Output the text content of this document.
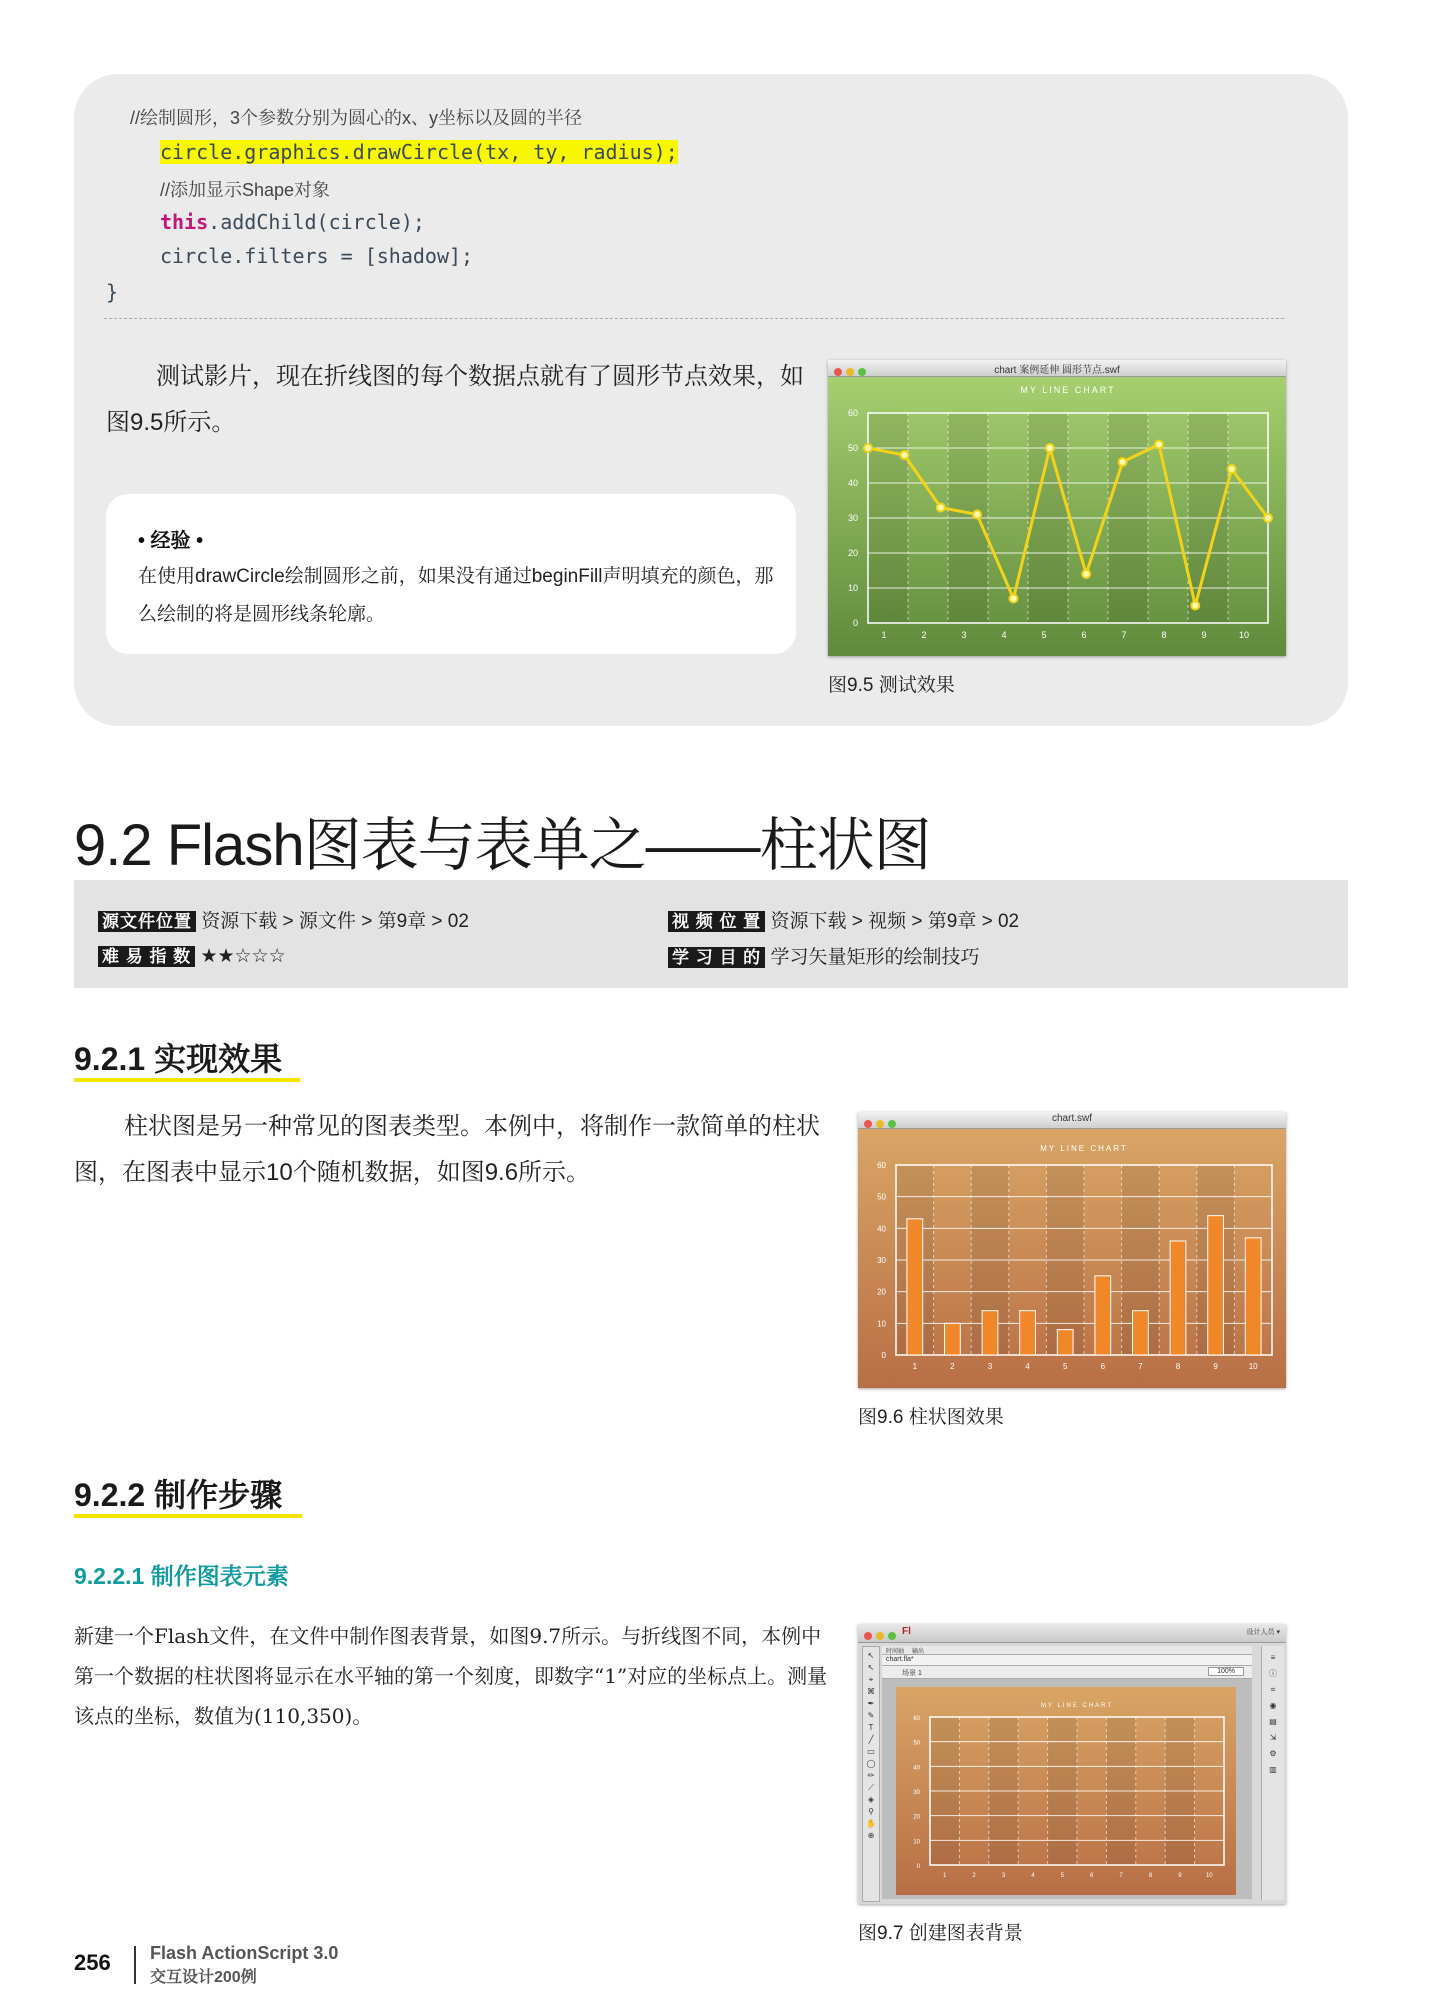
//绘制圆形，3个参数分别为圆心的x、y坐标以及圆的半径
circle.graphics.drawCircle(tx, ty, radius);
//添加显示Shape对象
this.addChild(circle);
circle.filters = [shadow];
}
测试影片，现在折线图的每个数据点就有了圆形节点效果，如图9.5所示。
• 经验 •
在使用drawCircle绘制圆形之前，如果没有通过beginFill声明填充的颜色，那么绘制的将是圆形线条轮廓。
chart 案例延伸 圆形节点.swf
0
10
20
30
40
50
60
MY LINE CHART
1	2	3	4	5	6	7	8	9	10
图9.5 测试效果
9.2 Flash图表与表单之——柱状图
源文件位置 资源下载 > 源文件 > 第9章 > 02	视 频 位 置 资源下载 > 视频 > 第9章 > 02
难 易 指 数 ★★☆☆☆	学 习 目 的 学习矢量矩形的绘制技巧
9.2.1 实现效果
柱状图是另一种常见的图表类型。本例中，将制作一款简单的柱状图，在图表中显示10个随机数据，如图9.6所示。
chart.swf
0
10
20
30
40
50
60
MY LINE CHART
1	2	3	4	5	6	7	8	9	10
图9.6 柱状图效果
9.2.2 制作步骤
9.2.2.1 制作图表元素
新建一个Flash文件，在文件中制作图表背景，如图9.7所示。与折线图不同，本例中第一个数据的柱状图将显示在水平轴的第一个刻度，即数字“1”对应的坐标点上。测量该点的坐标，数值为(110,350)。
Fl	设计人员 ▾
↖
↖
⌖
⌘
✒
✎
T
╱
▭
◯
✏
⟋
◈
⚲
✋
⊕
时间轴 输出
chart.fla*
场景 1	100%
0
10
20
30
40
50
60
MY LINE CHART
1	2	3	4	5	6	7	8	9	10
≡
ⓘ
⌗
◉
▤
⇲
⚙
▥
图9.7 创建图表背景
256 Flash ActionScript 3.0
交互设计200例
